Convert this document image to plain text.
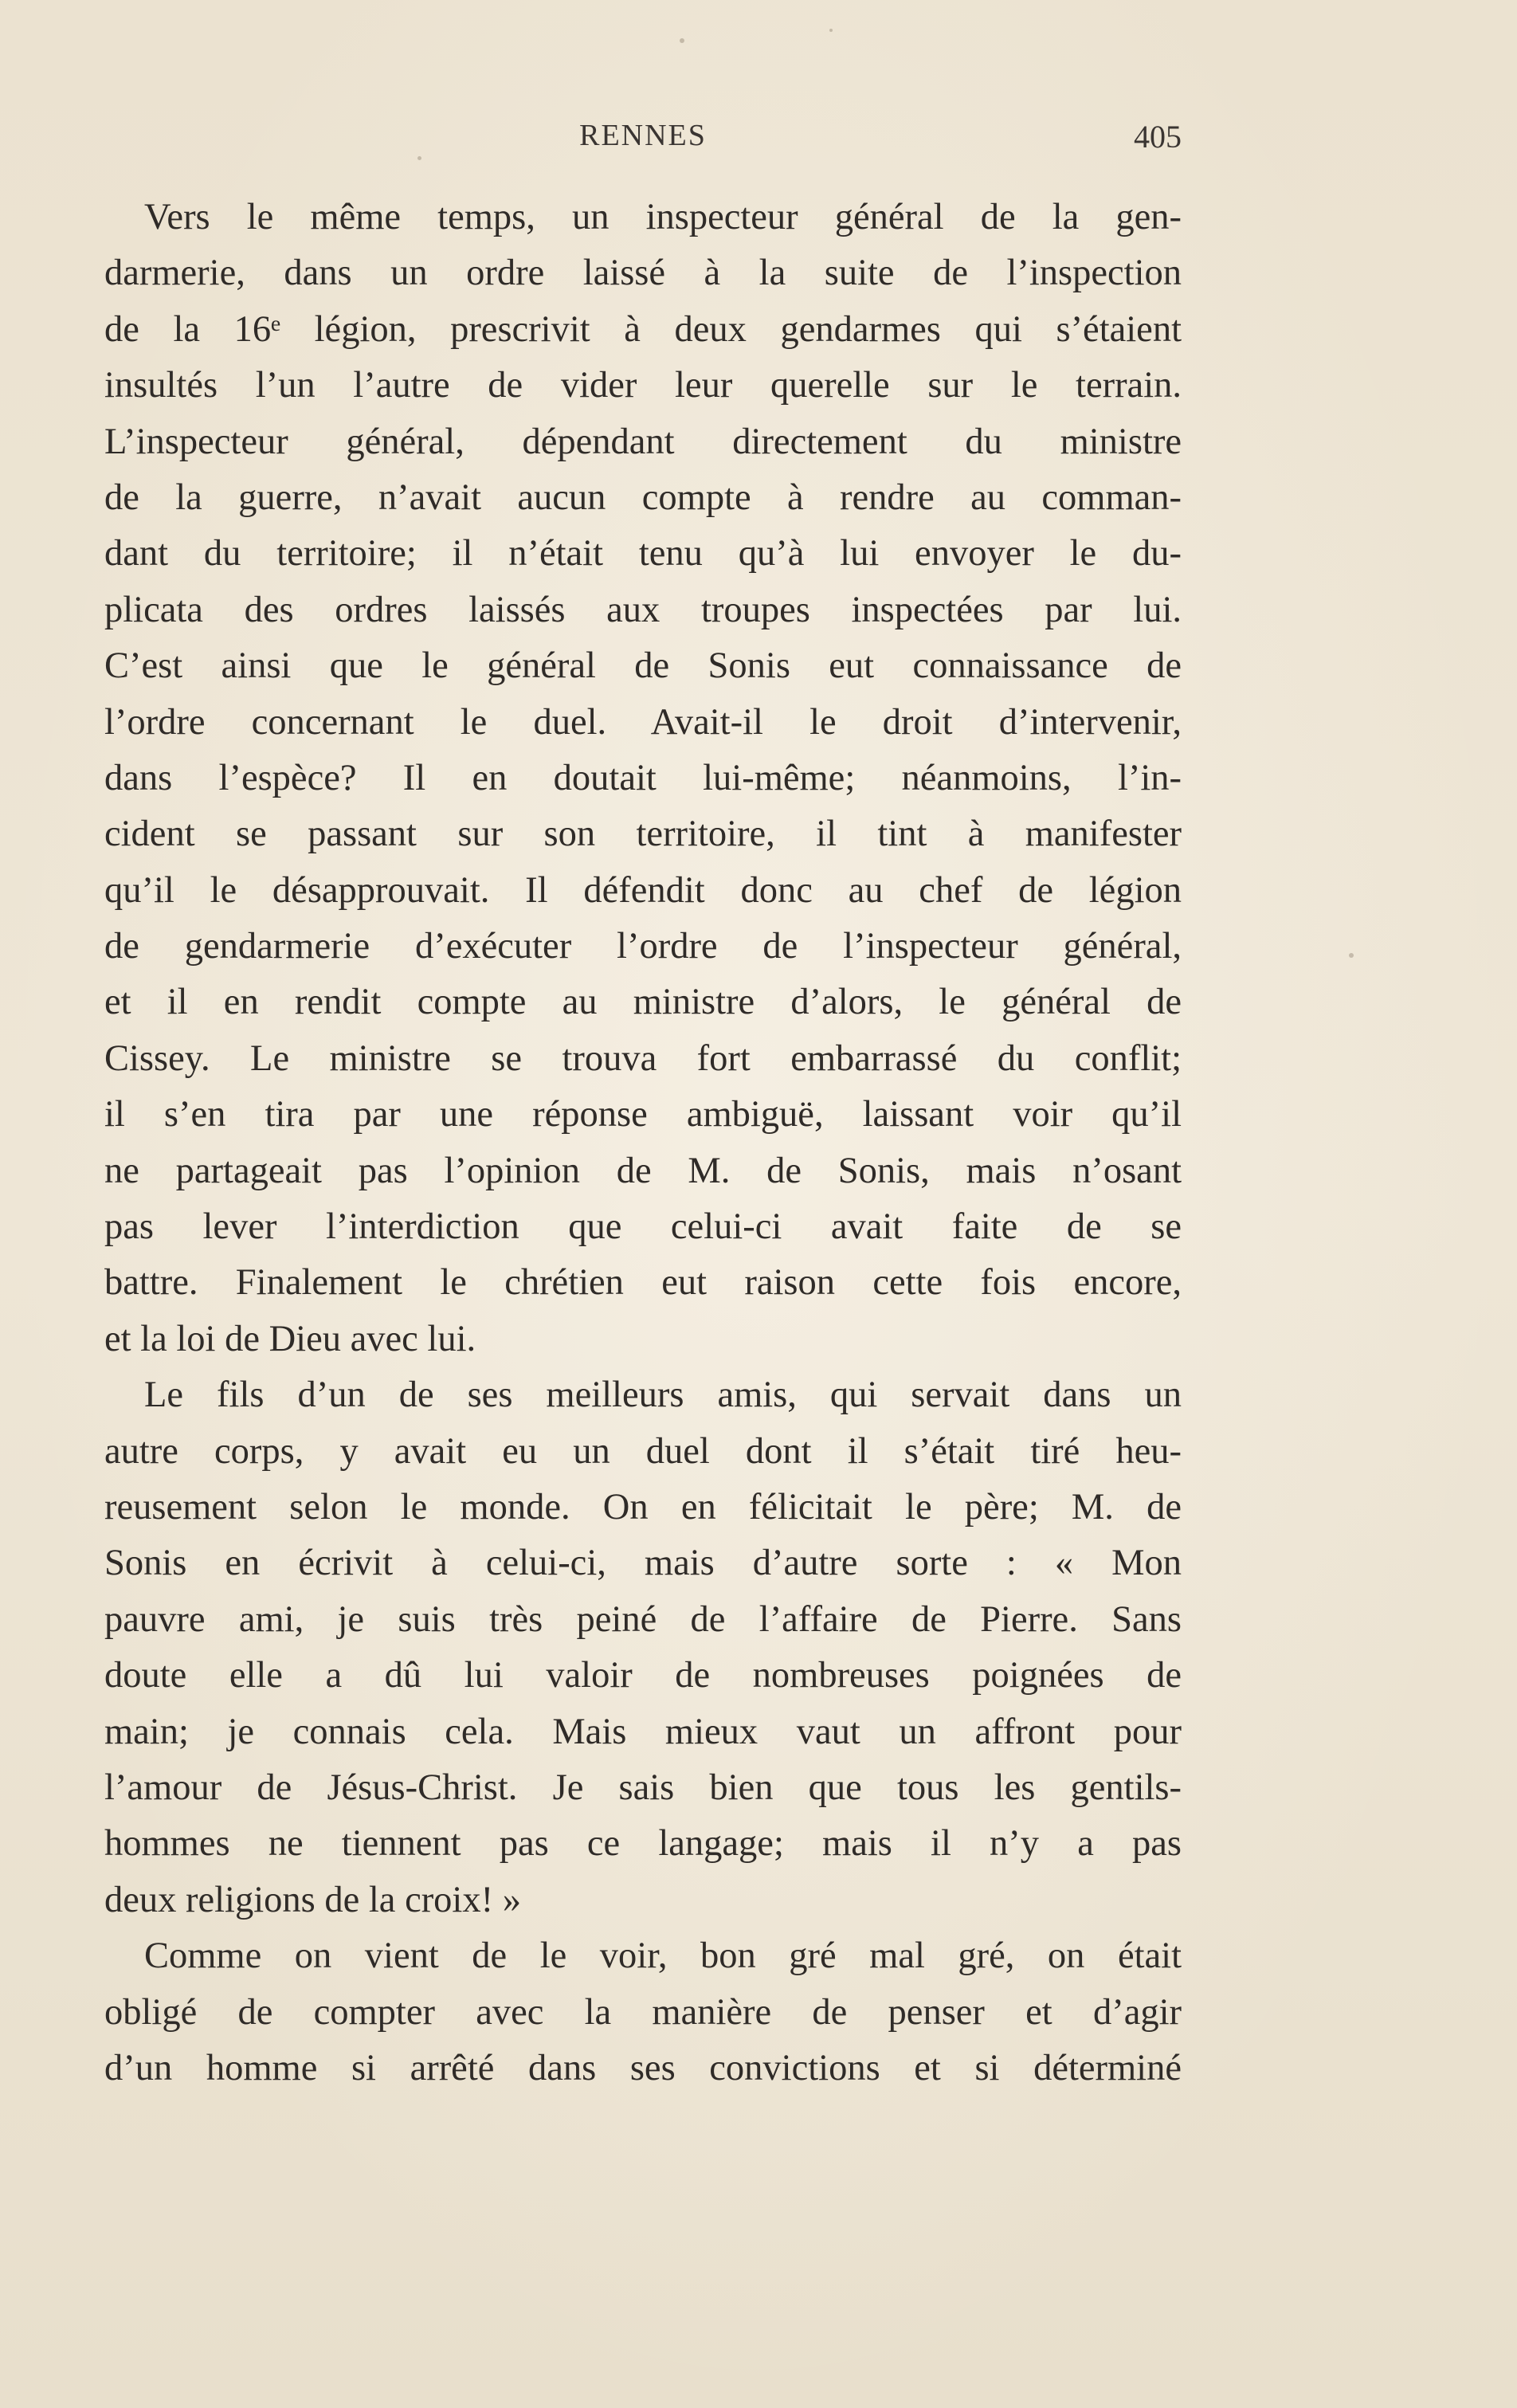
RENNES	405
Vers le même temps, un inspecteur général de la gen-
darmerie, dans un ordre laissé à la suite de l’inspection
de la 16ᵉ légion, prescrivit à deux gendarmes qui s’étaient
insultés l’un l’autre de vider leur querelle sur le terrain.
L’inspecteur général, dépendant directement du ministre
de la guerre, n’avait aucun compte à rendre au comman-
dant du territoire; il n’était tenu qu’à lui envoyer le du-
plicata des ordres laissés aux troupes inspectées par lui.
C’est ainsi que le général de Sonis eut connaissance de
l’ordre concernant le duel. Avait-il le droit d’intervenir,
dans l’espèce? Il en doutait lui-même; néanmoins, l’in-
cident se passant sur son territoire, il tint à manifester
qu’il le désapprouvait. Il défendit donc au chef de légion
de gendarmerie d’exécuter l’ordre de l’inspecteur général,
et il en rendit compte au ministre d’alors, le général de
Cissey. Le ministre se trouva fort embarrassé du conflit;
il s’en tira par une réponse ambiguë, laissant voir qu’il
ne partageait pas l’opinion de M. de Sonis, mais n’osant
pas lever l’interdiction que celui-ci avait faite de se
battre. Finalement le chrétien eut raison cette fois encore,
et la loi de Dieu avec lui.
Le fils d’un de ses meilleurs amis, qui servait dans un
autre corps, y avait eu un duel dont il s’était tiré heu-
reusement selon le monde. On en félicitait le père; M. de
Sonis en écrivit à celui-ci, mais d’autre sorte : « Mon
pauvre ami, je suis très peiné de l’affaire de Pierre. Sans
doute elle a dû lui valoir de nombreuses poignées de
main; je connais cela. Mais mieux vaut un affront pour
l’amour de Jésus-Christ. Je sais bien que tous les gentils-
hommes ne tiennent pas ce langage; mais il n’y a pas
deux religions de la croix! »
Comme on vient de le voir, bon gré mal gré, on était
obligé de compter avec la manière de penser et d’agir
d’un homme si arrêté dans ses convictions et si déterminé
